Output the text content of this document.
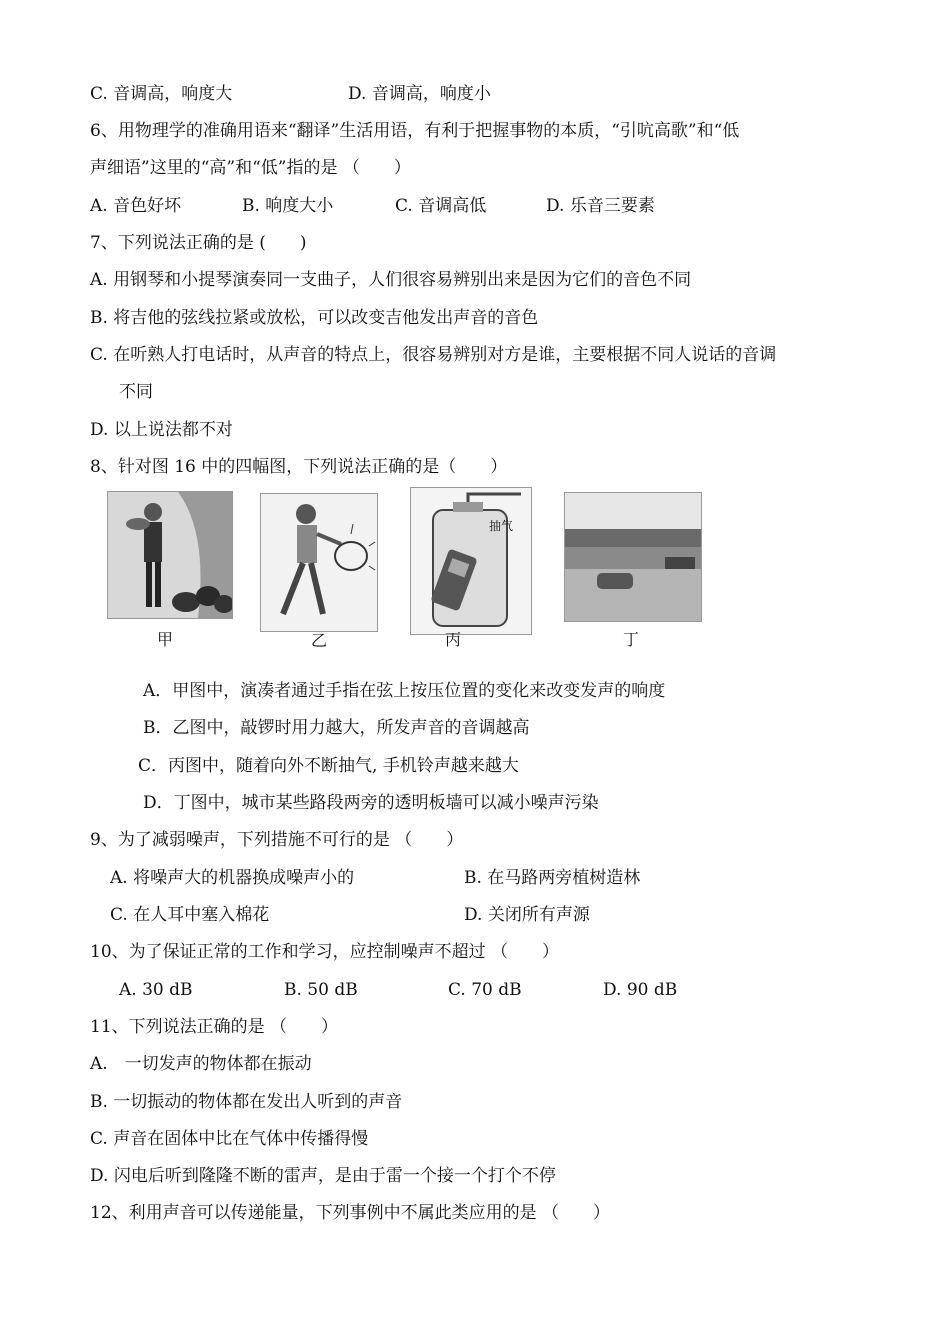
C. 音调高，响度大	D. 音调高，响度小
6、用物理学的准确用语来“翻译”生活用语，有利于把握事物的本质，“引吭高歌”和“低
声细语”这里的“高”和“低”指的是 （　　）
A. 音色好坏	B. 响度大小	C. 音调高低	D. 乐音三要素
7、下列说法正确的是 (　　)
A. 用钢琴和小提琴演奏同一支曲子，人们很容易辨别出来是因为它们的音色不同
B. 将吉他的弦线拉紧或放松，可以改变吉他发出声音的音色
C. 在听熟人打电话时，从声音的特点上，很容易辨别对方是谁，主要根据不同人说话的音调
不同
D. 以上说法都不对
8、针对图 16 中的四幅图，下列说法正确的是（　　）
甲	乙
抽气
丙	丁
A．甲图中，演凑者通过手指在弦上按压位置的变化来改变发声的响度
B．乙图中，敲锣时用力越大，所发声音的音调越高
C．丙图中，随着向外不断抽气, 手机铃声越来越大
D．丁图中，城市某些路段两旁的透明板墙可以减小噪声污染
9、为了减弱噪声，下列措施不可行的是 （　　）
A. 将噪声大的机器换成噪声小的	B. 在马路两旁植树造林
C. 在人耳中塞入棉花	D. 关闭所有声源
10、为了保证正常的工作和学习，应控制噪声不超过 （　　）
A. 30 dB	B. 50 dB	C. 70 dB	D. 90 dB
11、下列说法正确的是 （　　）
A.　一切发声的物体都在振动
B. 一切振动的物体都在发出人听到的声音
C. 声音在固体中比在气体中传播得慢
D. 闪电后听到隆隆不断的雷声，是由于雷一个接一个打个不停
12、利用声音可以传递能量，下列事例中不属此类应用的是 （　　）
